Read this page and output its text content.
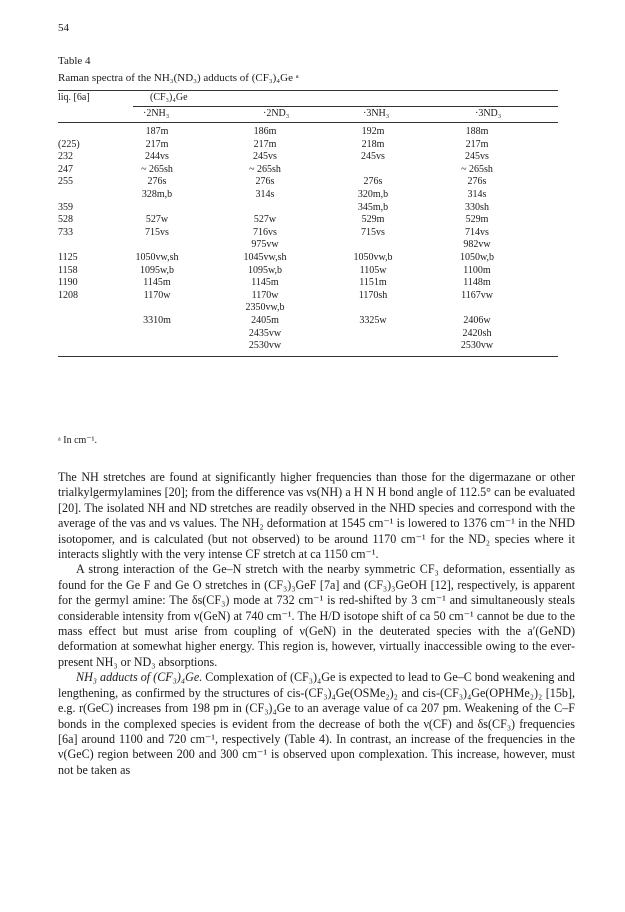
54
Table 4
Raman spectra of the NH₃(ND₃) adducts of (CF₃)₄Ge ᵃ
liq. [6a]	(CF₃)₄Ge
·2NH₃	·2ND₃	·3NH₃	·3ND₃
	187m	186m	192m	188m
(225)	217m	217m	218m	217m
232	244vs	245vs	245vs	245vs
247	~ 265sh	~ 265sh		~ 265sh
255	276s	276s	276s	276s
	328m,b	314s	320m,b	314s
359			345m,b	330sh
528	527w	527w	529m	529m
733	715vs	716vs	715vs	714vs
		975vw		982vw
1125	1050vw,sh	1045vw,sh	1050vw,b	1050w,b
1158	1095w,b	1095w,b	1105w	1100m
1190	1145m	1145m	1151m	1148m
1208	1170w	1170w	1170sh	1167vw
		2350vw,b		
	3310m	2405m	3325w	2406w
		2435vw		2420sh
		2530vw		2530vw
ᵃ In cm⁻¹.

The NH stretches are found at significantly higher frequencies than those for the digermazane or other trialkylgermylamines [20]; from the difference νas νs(NH) a H N H bond angle of 112.5° can be evaluated [20]. The isolated NH and ND stretches are readily observed in the NHD species and correspond with the average of the νas and νs values. The NH₂ deformation at 1545 cm⁻¹ is lowered to 1376 cm⁻¹ in the NHD isotopomer, and is calculated (but not observed) to be around 1170 cm⁻¹ for the ND₂ species where it interacts slightly with the very intense CF stretch at ca 1150 cm⁻¹.

A strong interaction of the Ge–N stretch with the nearby symmetric CF₃ deformation, essentially as found for the Ge F and Ge O stretches in (CF₃)₃GeF [7a] and (CF₃)₃GeOH [12], respectively, is apparent for the germyl amine: The δs(CF₃) mode at 732 cm⁻¹ is red-shifted by 3 cm⁻¹ and simultaneously steals considerable intensity from ν(GeN) at 740 cm⁻¹. The H/D isotope shift of ca 50 cm⁻¹ cannot be due to the mass effect but must arise from coupling of ν(GeN) in the deuterated species with the a′(GeND) deformation at somewhat higher energy. This region is, however, virtually inaccessible owing to the ever-present NH₃ or ND₃ absorptions.

NH₃ adducts of (CF₃)₄Ge. Complexation of (CF₃)₄Ge is expected to lead to Ge–C bond weakening and lengthening, as confirmed by the structures of cis-(CF₃)₄Ge(OSMe₂)₂ and cis-(CF₃)₄Ge(OPHMe₂)₂ [15b], e.g. r(GeC) increases from 198 pm in (CF₃)₄Ge to an average value of ca 207 pm. Weakening of the C–F bonds in the complexed species is evident from the decrease of both the ν(CF) and δs(CF₃) frequencies [6a] around 1100 and 720 cm⁻¹, respectively (Table 4). In contrast, an increase of the frequencies in the ν(GeC) region between 200 and 300 cm⁻¹ is observed upon complexation. This increase, however, must not be taken as
